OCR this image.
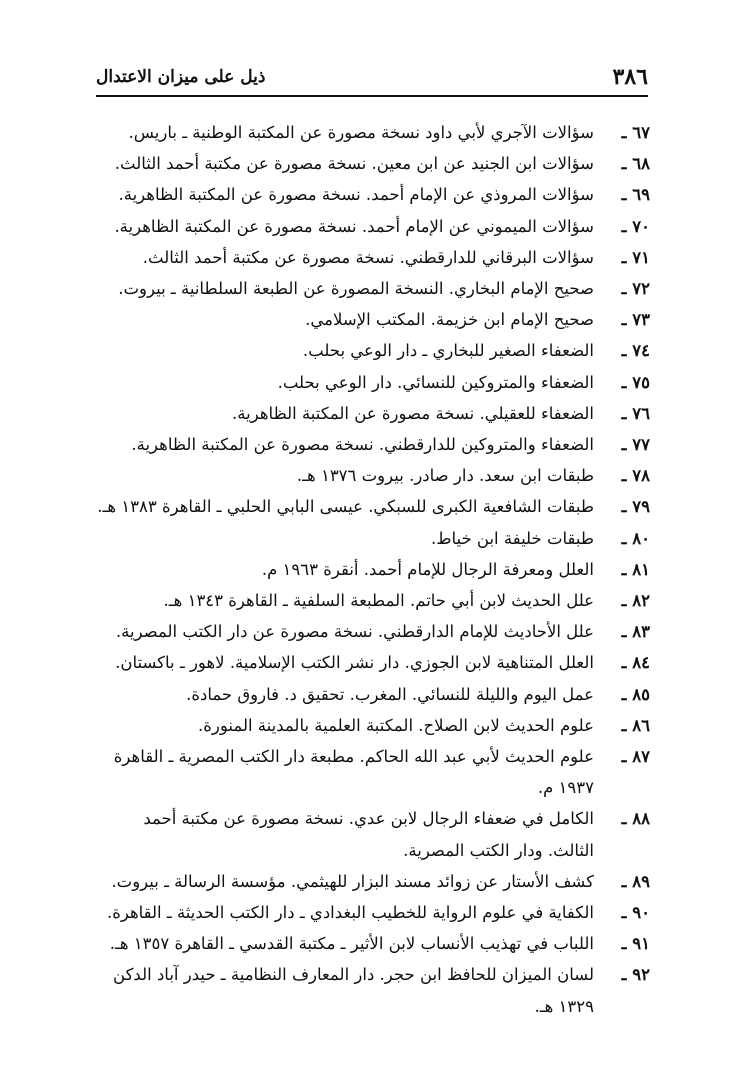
٣٨٦
ذيل على ميزان الاعتدال
٦٧ ـ
سؤالات الآجري لأبي داود نسخة مصورة عن المكتبة الوطنية ـ باريس.
٦٨ ـ
سؤالات ابن الجنيد عن ابن معين. نسخة مصورة عن مكتبة أحمد الثالث.
٦٩ ـ
سؤالات المروذي عن الإمام أحمد. نسخة مصورة عن المكتبة الظاهرية.
٧٠ ـ
سؤالات الميموني عن الإمام أحمد. نسخة مصورة عن المكتبة الظاهرية.
٧١ ـ
سؤالات البرقاني للدارقطني. نسخة مصورة عن مكتبة أحمد الثالث.
٧٢ ـ
صحيح الإمام البخاري. النسخة المصورة عن الطبعة السلطانية ـ بيروت.
٧٣ ـ
صحيح الإمام ابن خزيمة. المكتب الإسلامي.
٧٤ ـ
الضعفاء الصغير للبخاري ـ دار الوعي بحلب.
٧٥ ـ
الضعفاء والمتروكين للنسائي. دار الوعي بحلب.
٧٦ ـ
الضعفاء للعقيلي. نسخة مصورة عن المكتبة الظاهرية.
٧٧ ـ
الضعفاء والمتروكين للدارقطني. نسخة مصورة عن المكتبة الظاهرية.
٧٨ ـ
طبقات ابن سعد. دار صادر. بيروت ١٣٧٦ هـ.
٧٩ ـ
طبقات الشافعية الكبرى للسبكي. عيسى البابي الحلبي ـ القاهرة ١٣٨٣ هـ.
٨٠ ـ
طبقات خليفة ابن خياط.
٨١ ـ
العلل ومعرفة الرجال للإمام أحمد. أنقرة ١٩٦٣ م.
٨٢ ـ
علل الحديث لابن أبي حاتم. المطبعة السلفية ـ القاهرة ١٣٤٣ هـ.
٨٣ ـ
علل الأحاديث للإمام الدارقطني. نسخة مصورة عن دار الكتب المصرية.
٨٤ ـ
العلل المتناهية لابن الجوزي. دار نشر الكتب الإسلامية. لاهور ـ باكستان.
٨٥ ـ
عمل اليوم والليلة للنسائي. المغرب. تحقيق د. فاروق حمادة.
٨٦ ـ
علوم الحديث لابن الصلاح. المكتبة العلمية بالمدينة المنورة.
٨٧ ـ
علوم الحديث لأبي عبد الله الحاكم. مطبعة دار الكتب المصرية ـ القاهرة ١٩٣٧ م.
٨٨ ـ
الكامل في ضعفاء الرجال لابن عدي. نسخة مصورة عن مكتبة أحمد الثالث. ودار الكتب المصرية.
٨٩ ـ
كشف الأستار عن زوائد مسند البزار للهيثمي. مؤسسة الرسالة ـ بيروت.
٩٠ ـ
الكفاية في علوم الرواية للخطيب البغدادي ـ دار الكتب الحديثة ـ القاهرة.
٩١ ـ
اللباب في تهذيب الأنساب لابن الأثير ـ مكتبة القدسي ـ القاهرة ١٣٥٧ هـ.
٩٢ ـ
لسان الميزان للحافظ ابن حجر. دار المعارف النظامية ـ حيدر آباد الدكن ١٣٢٩ هـ.
